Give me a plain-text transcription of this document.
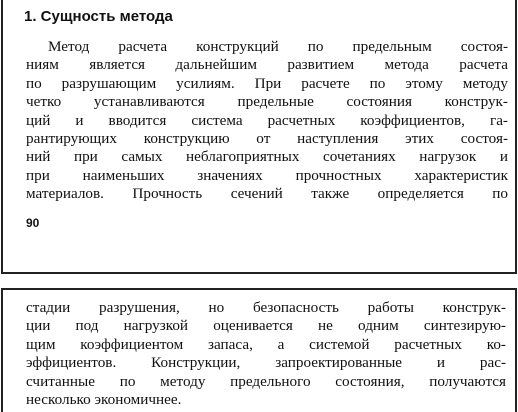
1. Сущность метода
Метод расчета конструкций по предельным состоя-
ниям является дальнейшим развитием метода расчета
по разрушающим усилиям. При расчете по этому методу
четко устанавливаются предельные состояния конструк-
ций и вводится система расчетных коэффициентов, га-
рантирующих конструкцию от наступления этих состоя-
ний при самых неблагоприятных сочетаниях нагрузок и
при наименьших значениях прочностных характеристик
материалов. Прочность сечений также определяется по
90
стадии разрушения, но безопасность работы конструк-
ции под нагрузкой оценивается не одним синтезирую-
щим коэффициентом запаса, а системой расчетных ко-
эффициентов. Конструкции, запроектированные и рас-
считанные по методу предельного состояния, получаются
несколько экономичнее.
